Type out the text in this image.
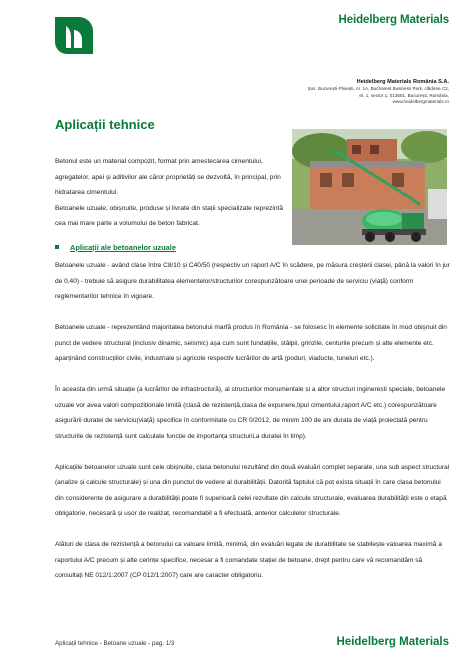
Heidelberg Materials
Heidelberg Materials România S.A.
Șos. București-Ploiești, nr. 1A, Bucharest Business Park, clădirea C2,
et. 1, sector 1, 013681, București, România,
www.heidelbergmaterials.ro
Aplicații tehnice

Betonul este un material compozit, format prin amestecarea cimentului, agregatelor, apei și aditivilor ale căror proprietăți se dezvoltă, în principal, prin hidratarea cimentului.

Betoanele uzuale, obișnuite, produse și livrate din stații specializate reprezintă cea mai mare parte a volumului de beton fabricat.

Aplicații ale betoanelor uzuale

Betoanele uzuale - având clase între C8/10 și C40/50 (respectiv un raport A/C în scădere, pe măsura creșterii clasei, până la valori în jur de 0,40) - trebuie să asigure durabilitatea elementelor/structurilor corespunzătoare unei perioade de serviciu (viață) conform reglementarilor tehnice în vigoare.

Betoanele uzuale - reprezentând majoritatea betonului marfă produs în România - se folosesc în elemente solicitate în mod obișnuit din punct de vedere structural (inclusiv dinamic, seismic) așa cum sunt fundațiile, stâlpii, grinzile, centurile precum și alte elemente etc. aparținând construcțiilor civile, industriale și agricole respectiv lucrărilor de artă (poduri, viaducte, tuneluri etc.).

În aceasta din urmă situație (a lucrărilor de infrastructură), al structurilor monumentale și a altor structuri inginerești speciale, betoanele uzuale vor avea valori compoziționale limită (clasă de rezistență,clasa de expunere,tipul cimentului,raport A/C etc.) corespunzătoare asigurării duratei de serviciu(viață) specifice în conformitate cu CR 0/2012, de minim 100 de ani durata de viață proiectată pentru structurile de rezistență sunt calculate funcție de importanța structurii,a duratei în timp).

Aplicațiile betoanelor uzuale sunt cele obișnuite, clasa betonului rezultând din două evaluări complet separate, una sub aspect structural (analize și calcule structurale) și una din punctul de vedere al durabilității. Datorită faptului că pot exista situații în care clasa betonului din considerente de asigurare a durabilității poate fi superioară celei rezultate din calcule structurale, evaluarea durabilității este o etapă obligatorie, necesară și ușor de realizat, recomandabil a fi efectuată, anterior calculelor structurale.

Alături de clasa de rezistență a betonului ca valoare limită, minimă, din evaluări legate de durabilitate se stabilește valoarea maximă a raportului A/C precum și alte cerințe specifice, necesar a fi comandate stației de betoane, drept pentru care vă recomandăm să consultați NE 012/1:2007 (CP 012/1:2007) care are caracter obligatoriu.

Aplicații tehnice - Betoane uzuale - pag. 1/3	Heidelberg Materials
